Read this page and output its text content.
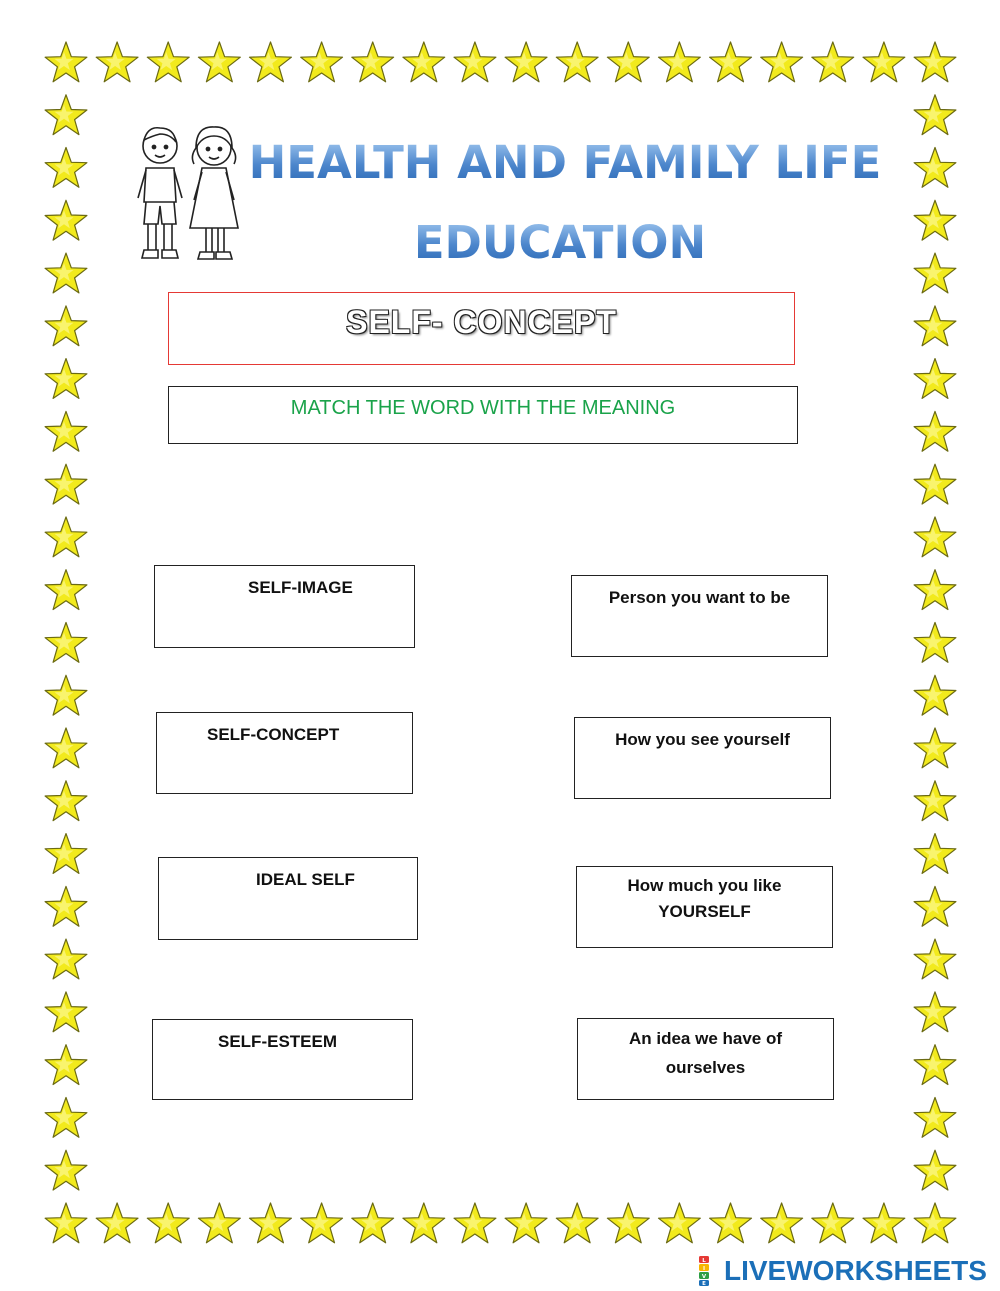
HEALTH AND FAMILY LIFE
EDUCATION
SELF- CONCEPT
MATCH THE WORD WITH THE MEANING
SELF-IMAGE
SELF-CONCEPT
IDEAL SELF
SELF-ESTEEM
Person you want to be
How you see yourself
How much you like
YOURSELF
An idea we have of
ourselves
L
I
V
E LIVEWORKSHEETS
